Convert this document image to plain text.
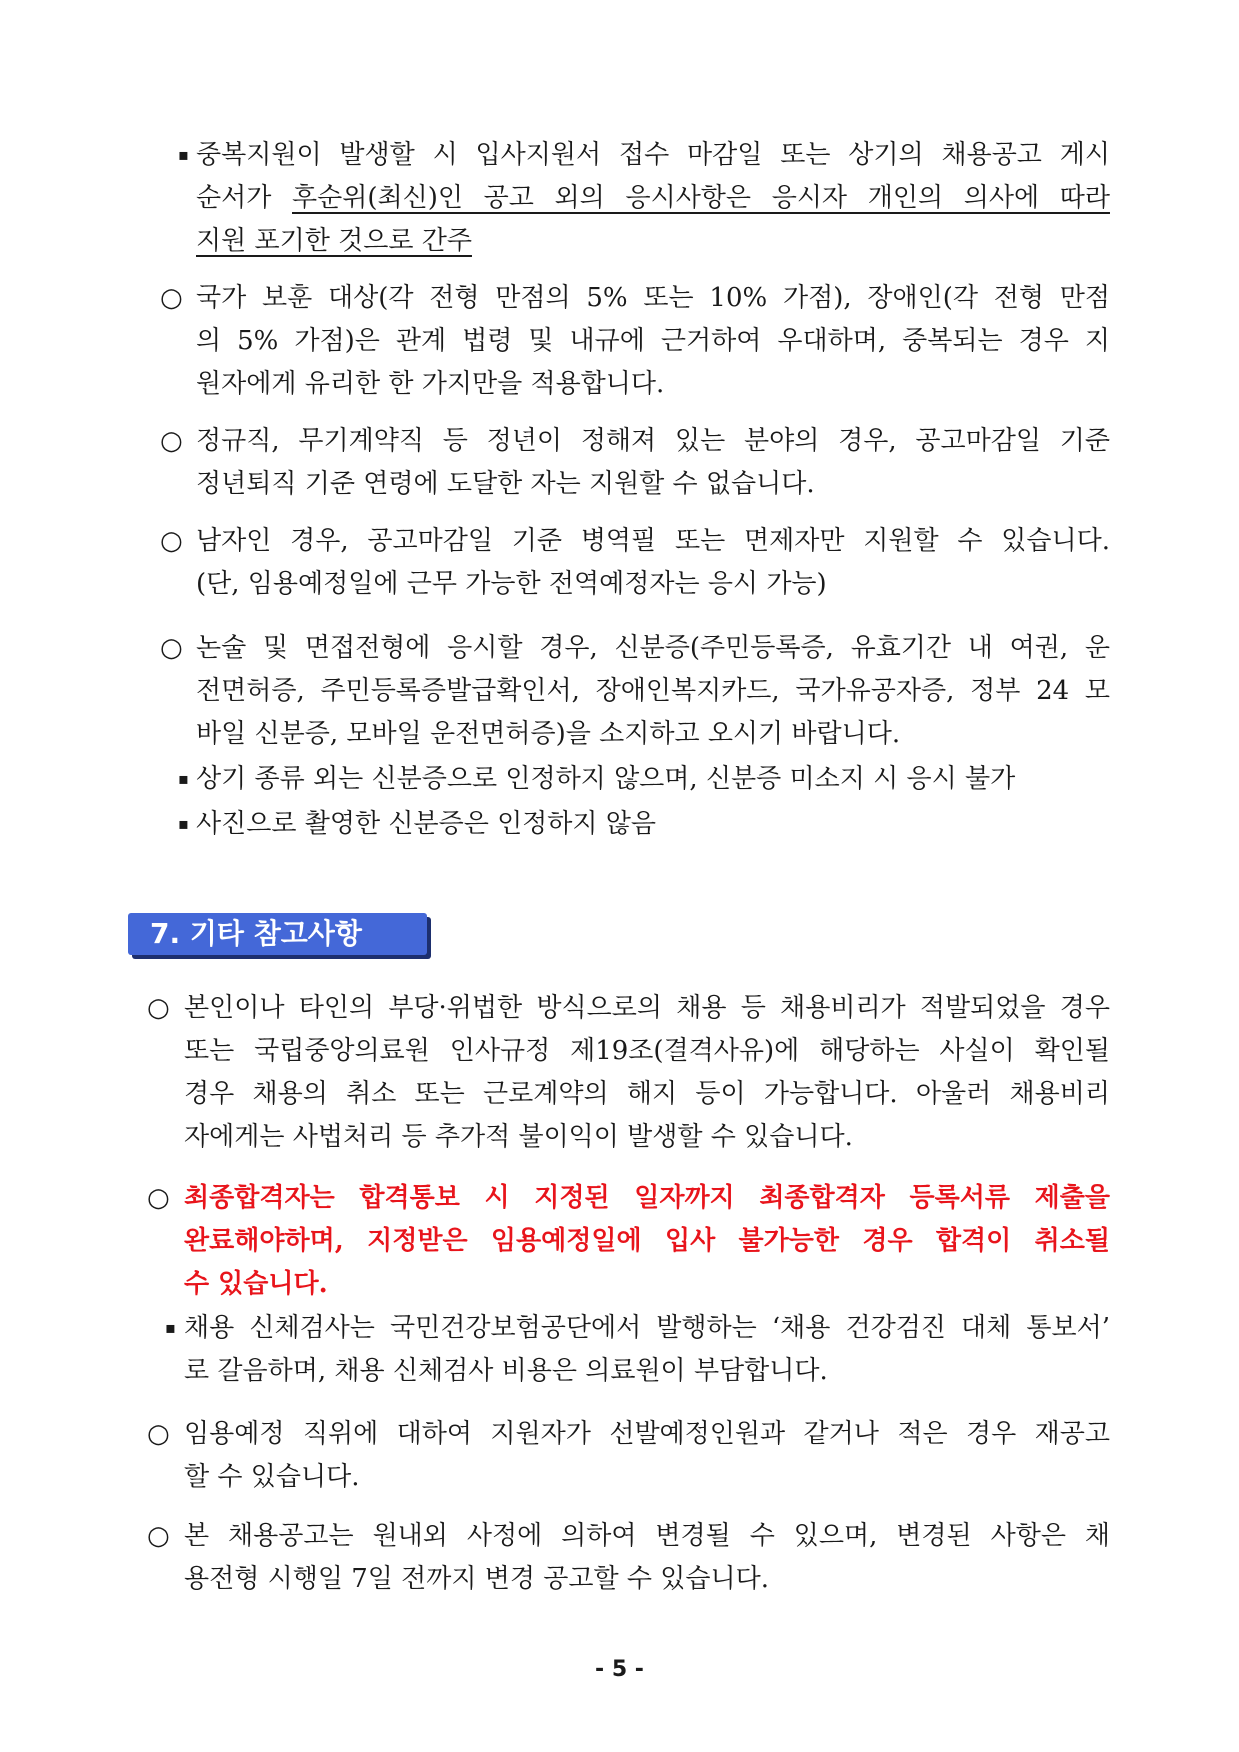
▪ 중복지원이 발생할 시 입사지원서 접수 마감일 또는 상기의 채용공고 게시
순서가 후순위(최신)인 공고 외의 응시사항은 응시자 개인의 의사에 따라
지원 포기한 것으로 간주
○ 국가 보훈 대상(각 전형 만점의 5% 또는 10% 가점), 장애인(각 전형 만점
의 5% 가점)은 관계 법령 및 내규에 근거하여 우대하며, 중복되는 경우 지
원자에게 유리한 한 가지만을 적용합니다.
○ 정규직, 무기계약직 등 정년이 정해져 있는 분야의 경우, 공고마감일 기준
정년퇴직 기준 연령에 도달한 자는 지원할 수 없습니다.
○ 남자인 경우, 공고마감일 기준 병역필 또는 면제자만 지원할 수 있습니다.
(단, 임용예정일에 근무 가능한 전역예정자는 응시 가능)
○ 논술 및 면접전형에 응시할 경우, 신분증(주민등록증, 유효기간 내 여권, 운
전면허증, 주민등록증발급확인서, 장애인복지카드, 국가유공자증, 정부 24 모
바일 신분증, 모바일 운전면허증)을 소지하고 오시기 바랍니다.
▪ 상기 종류 외는 신분증으로 인정하지 않으며, 신분증 미소지 시 응시 불가
▪ 사진으로 촬영한 신분증은 인정하지 않음
7. 기타 참고사항
○ 본인이나 타인의 부당·위법한 방식으로의 채용 등 채용비리가 적발되었을 경우
또는 국립중앙의료원 인사규정 제19조(결격사유)에 해당하는 사실이 확인될
경우 채용의 취소 또는 근로계약의 해지 등이 가능합니다. 아울러 채용비리
자에게는 사법처리 등 추가적 불이익이 발생할 수 있습니다.
○ 최종합격자는 합격통보 시 지정된 일자까지 최종합격자 등록서류 제출을
완료해야하며, 지정받은 임용예정일에 입사 불가능한 경우 합격이 취소될
수 있습니다.
▪ 채용 신체검사는 국민건강보험공단에서 발행하는 ‘채용 건강검진 대체 통보서’
로 갈음하며, 채용 신체검사 비용은 의료원이 부담합니다.
○ 임용예정 직위에 대하여 지원자가 선발예정인원과 같거나 적은 경우 재공고
할 수 있습니다.
○ 본 채용공고는 원내외 사정에 의하여 변경될 수 있으며, 변경된 사항은 채
용전형 시행일 7일 전까지 변경 공고할 수 있습니다.
- 5 -
